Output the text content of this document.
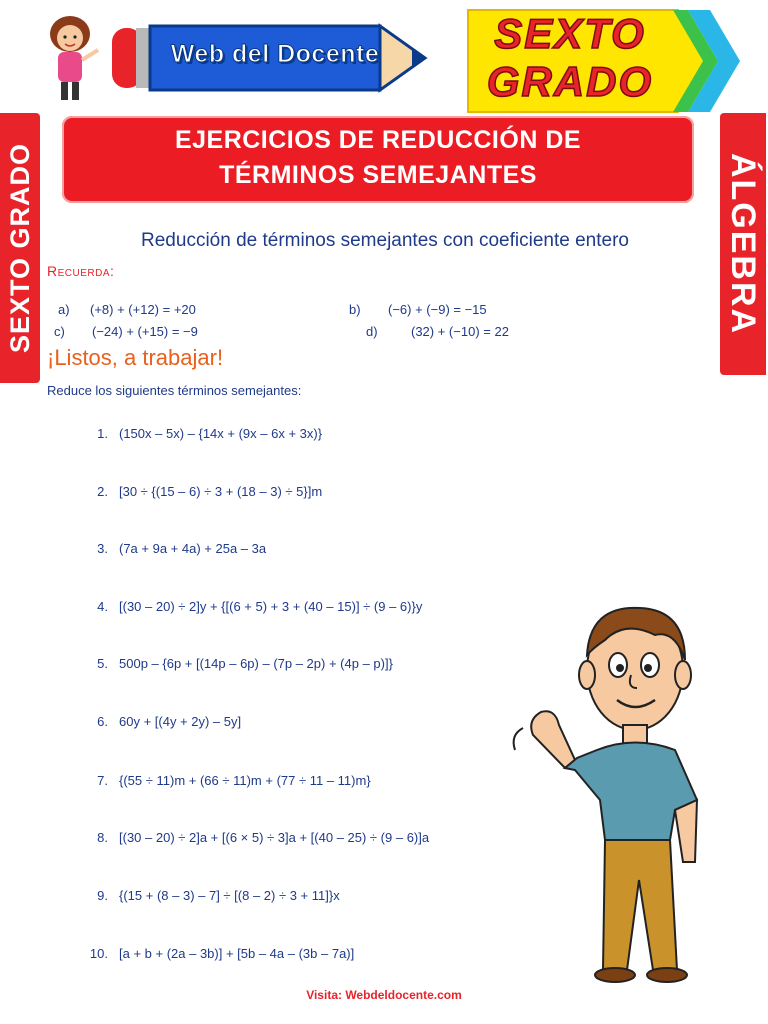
Web del Docente	SEXTO
GRADO
SEXTO GRADO	ÁLGEBRA
EJERCICIOS DE REDUCCIÓN DE
TÉRMINOS SEMEJANTES
Reducción de términos semejantes con coeficiente entero
Recuerda:
a) (+8) + (+12) = +20	b) (−6) + (−9) = −15
c) (−24) + (+15) = −9	d)	(32) + (−10) = 22
¡Listos, a trabajar!
Reduce los siguientes términos semejantes:
1. (150x – 5x) – {14x + (9x – 6x + 3x)}
2. [30 ÷ {(15 – 6) ÷ 3 + (18 – 3) ÷ 5}]m
3. (7a + 9a + 4a) + 25a – 3a
4. [(30 – 20) ÷ 2]y + {[(6 + 5) + 3 + (40 – 15)] ÷ (9 – 6)}y
5. 500p – {6p + [(14p – 6p) – (7p – 2p) + (4p – p)]}
6. 60y + [(4y + 2y) – 5y]
7. {(55 ÷ 11)m + (66 ÷ 11)m + (77 ÷ 11 – 11)m}
8. [(30 – 20) ÷ 2]a + [(6 × 5) ÷ 3]a + [(40 – 25) ÷ (9 – 6)]a
9. {(15 + (8 – 3) – 7] ÷ [(8 – 2) ÷ 3 + 11]}x
10. [a + b + (2a – 3b)] + [5b – 4a – (3b – 7a)]
Visita: Webdeldocente.com
